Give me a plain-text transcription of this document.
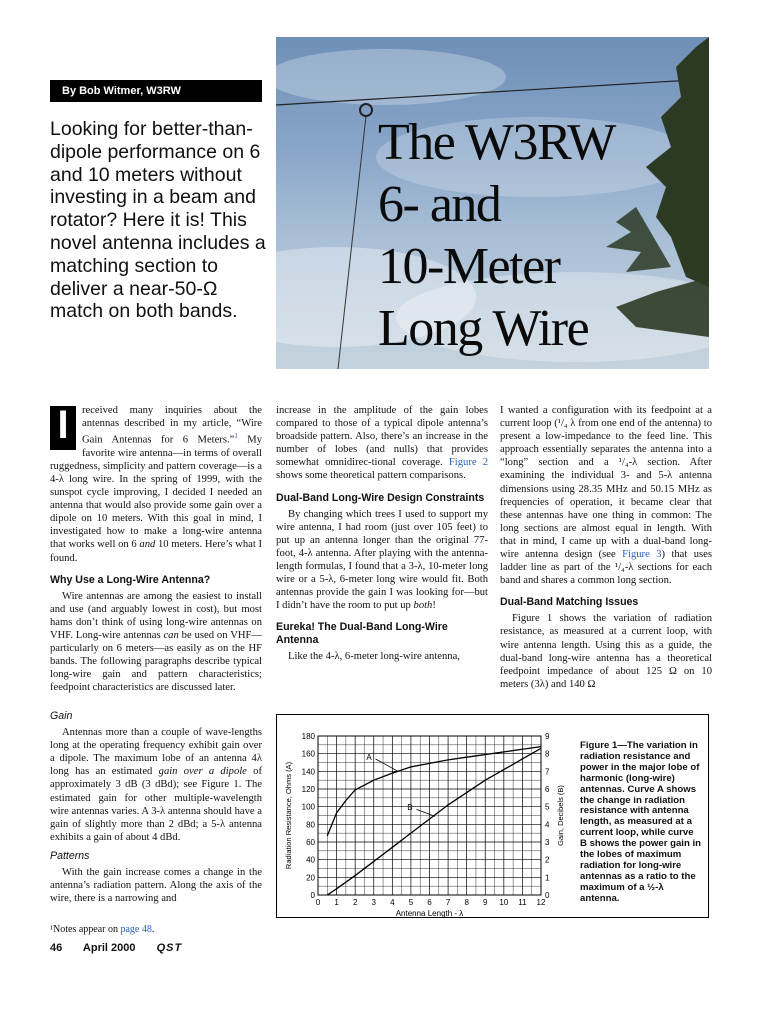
By Bob Witmer, W3RW
Looking for better-than-dipole performance on 6 and 10 meters without investing in a beam and rotator? Here it is! This novel antenna includes a matching section to deliver a near-50-Ω match on both bands.
The W3RW
6- and
10-Meter
Long Wire

I	received many inquiries about the antennas described in my article, “Wire Gain Antennas for 6 Meters.”$^1$ My favorite wire antenna—in terms of overall ruggedness, simplicity and pattern coverage—is a 4-λ long wire. In the spring of 1999, with the sunspot cycle improving, I decided I needed an antenna that would also provide some gain over a dipole on 10 meters. With this goal in mind, I investigated how to make a long-wire antenna that works well on 6 and 10 meters. Here’s what I found.

Why Use a Long-Wire Antenna?

Wire antennas are among the easiest to install and use (and arguably lowest in cost), but most hams don’t think of using long-wire antennas on VHF. Long-wire antennas can be used on VHF—particularly on 6 meters—as easily as on the HF bands. The following paragraphs describe typical long-wire gain and pattern characteristics; feedpoint characteristics are discussed later.

Gain

Antennas more than a couple of wave-lengths long at the operating frequency exhibit gain over a dipole. The maximum lobe of an antenna 4λ long has an estimated gain over a dipole of approximately 3 dB (3 dBd); see Figure 1. The estimated gain for other multiple-wavelength wire antennas varies. A 3-λ antenna should have a gain of slightly more than 2 dBd; a 5-λ antenna exhibits a gain of about 4 dBd.

Patterns

With the gain increase comes a change in the antenna’s radiation pattern. Along the axis of the wire, there is a narrowing and

increase in the amplitude of the gain lobes compared to those of a typical dipole antenna’s broadside pattern. Also, there’s an increase in the number of lobes (and nulls) that provides somewhat omnidirec-tional coverage. Figure 2 shows some theoretical pattern comparisons.

Dual-Band Long-Wire Design Constraints

By changing which trees I used to support my wire antenna, I had room (just over 105 feet) to put up an antenna longer than the original 77-foot, 4-λ antenna. After playing with the antenna-length formulas, I found that a 3-λ, 10-meter long wire or a 5-λ, 6-meter long wire would fit. Both antennas provide the gain I was looking for—but I didn’t have the room to put up both!

Eureka! The Dual-Band Long-Wire Antenna

Like the 4-λ, 6-meter long-wire antenna,

I wanted a configuration with its feedpoint at a current loop (¹/₄ λ from one end of the antenna) to present a low-impedance to the feed line. This approach essentially separates the antenna into a “long” section and a ¹/₄-λ section. After examining the individual 3- and 5-λ antenna dimensions using 28.35 MHz and 50.15 MHz as frequencies of operation, it became clear that these antennas have one thing in common: The long sections are almost equal in length. With that in mind, I came up with a dual-band long-wire antenna design (see Figure 3) that uses ladder line as part of the ¹/₄-λ sections for each band and shares a common long section.

Dual-Band Matching Issues

Figure 1 shows the variation of radiation resistance, as measured at a current loop, with wire antenna length. Using this as a guide, the dual-band long-wire antenna has a theoretical feedpoint impedance of about 125 Ω on 10 meters (3λ) and 140 Ω

0 1 2 3 4 5 6 7 8 9 10 11 12
0
20
40
60
80
100
120
140
160
180
0
1
2
3
4
5
6
7
8
9
Antenna Length - λ
Radiation Resistance, Ohms (A)	Gain, Decibels (B)
A
B
Figure 1—The variation in radiation resistance and power in the major lobe of harmonic (long-wire) antennas. Curve A shows the change in radiation resistance with antenna length, as measured at a current loop, while curve B shows the power gain in the lobes of maximum radiation for long-wire antennas as a ratio to the maximum of a ½-λ antenna.
¹Notes appear on page 48.
46 April 2000 QST
